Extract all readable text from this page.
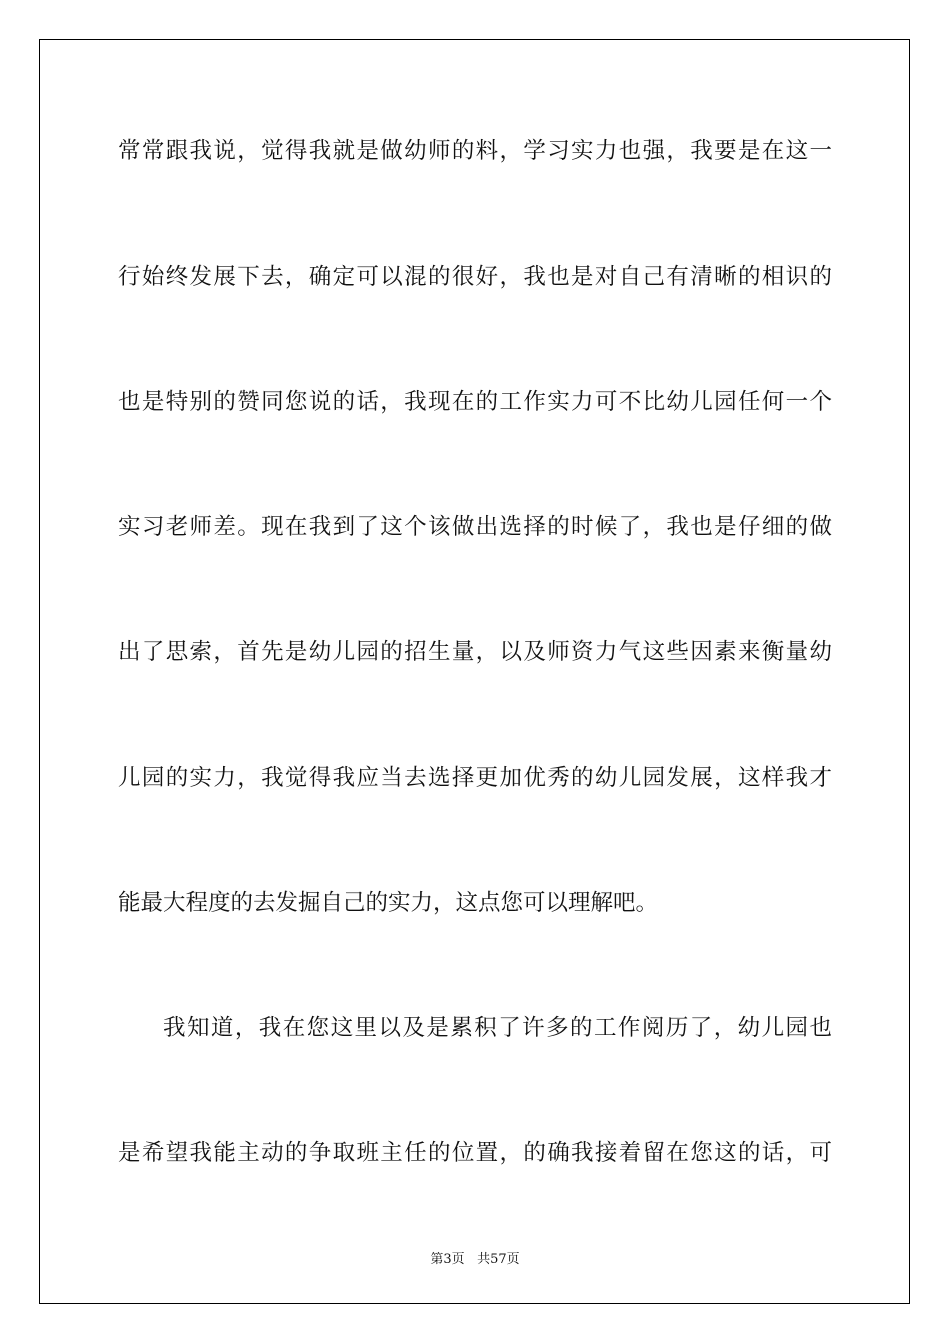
常常跟我说，觉得我就是做幼师的料，学习实力也强，我要是在这一
行始终发展下去，确定可以混的很好，我也是对自己有清晰的相识的
也是特别的赞同您说的话，我现在的工作实力可不比幼儿园任何一个
实习老师差。现在我到了这个该做出选择的时候了，我也是仔细的做
出了思索，首先是幼儿园的招生量，以及师资力气这些因素来衡量幼
儿园的实力，我觉得我应当去选择更加优秀的幼儿园发展，这样我才
能最大程度的去发掘自己的实力，这点您可以理解吧。
我知道，我在您这里以及是累积了许多的工作阅历了，幼儿园也
是希望我能主动的争取班主任的位置，的确我接着留在您这的话，可
第3页 共57页
